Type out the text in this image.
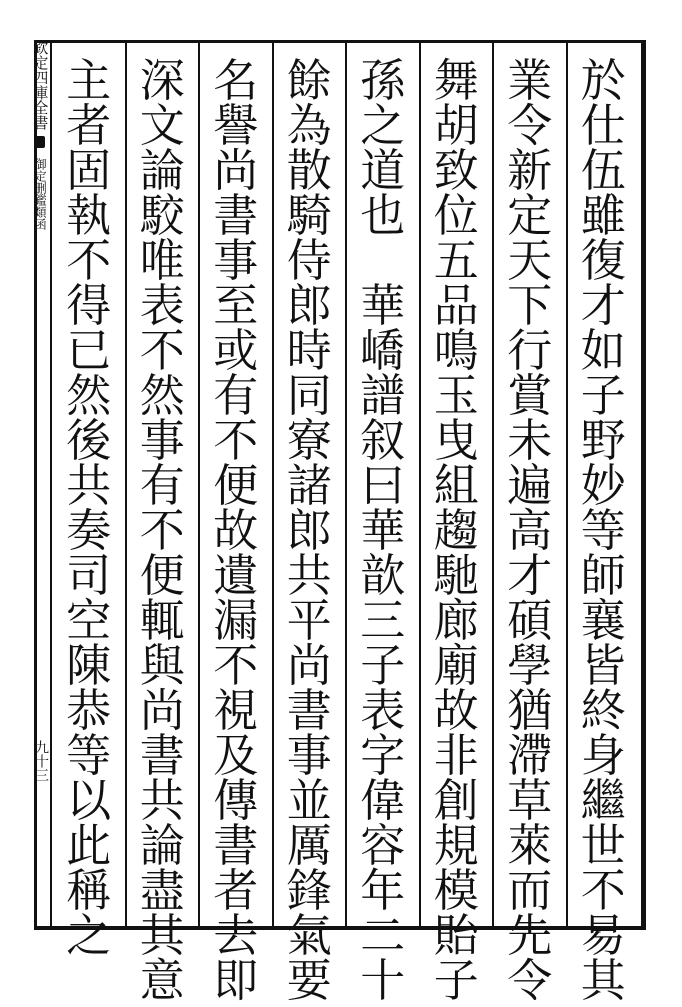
欽定四庫全書
御定删鑑類函
九十三
於
仕
伍
雖
復
才
如
子
野
妙
等
師
襄
皆
終
身
繼
世
不
易
其
業
令
新
定
天
下
行
賞
未
遍
高
才
碩
學
猶
滯
草
萊
而
先
令
舞
胡
致
位
五
品
鳴
玉
曳
組
趨
馳
廊
廟
故
非
創
規
模
貽
子
孫
之
道
也

華
嶠
譜
叙
曰
華
歆
三
子
表
字
偉
容
年
二
十
餘
為
散
騎
侍
郎
時
同
寮
諸
郎
共
平
尚
書
事
並
厲
鋒
氣
要
名
譽
尚
書
事
至
或
有
不
便
故
遺
漏
不
視
及
傳
書
者
去
即
深
文
論
駮
唯
表
不
然
事
有
不
便
輒
與
尚
書
共
論
盡
其
意
主
者
固
執
不
得
已
然
後
共
奏
司
空
陳
恭
等
以
此
稱
之
